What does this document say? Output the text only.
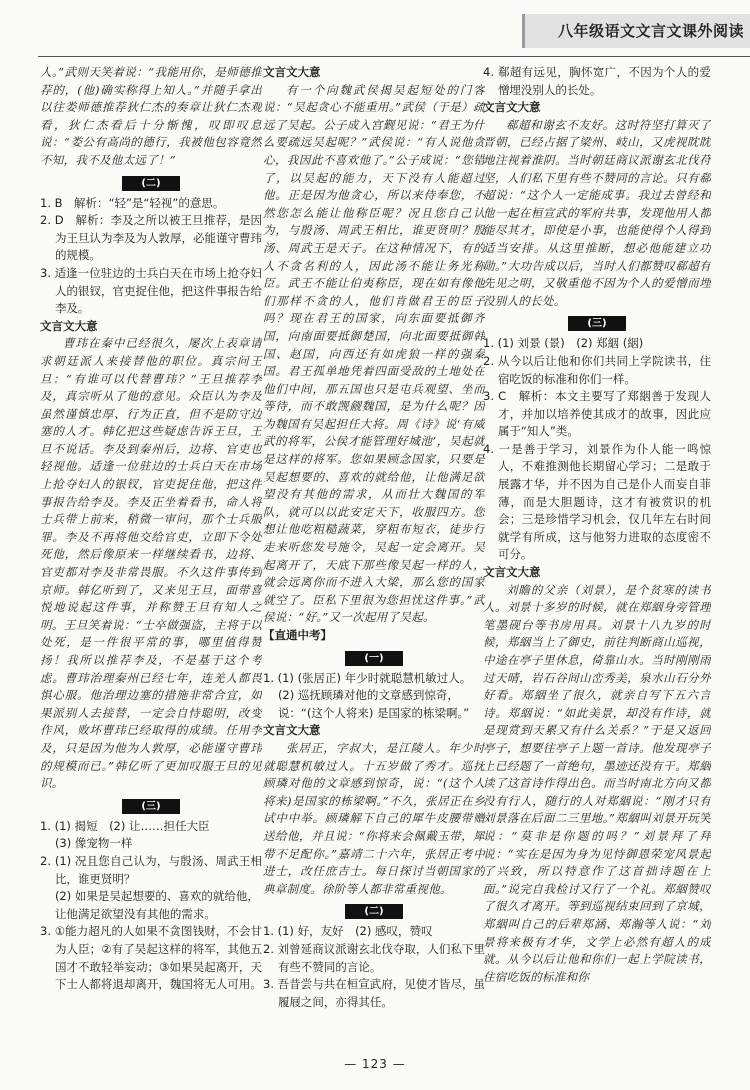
八年级语文文言文课外阅读

人。”武则天笑着说：“我能用你，是师德推荐的，(他)确实称得上知人。”并随手拿出以往娄师德推荐狄仁杰的奏章让狄仁杰观看，狄仁杰看后十分惭愧，叹即叹息说：“娄公有高尚的德行，我被他包容竟然不知，我不及他太远了！”

(二)

1. B　解析：“轻”是“轻视”的意思。

2. D　解析：李及之所以被王旦推荐，是因为王旦认为李及为人敦厚，必能谨守曹玮的规模。

3. 适逢一位驻边的士兵白天在市场上抢夺妇人的银钗，官吏捉住他，把这件事报告给李及。

文言文大意

曹玮在秦中已经很久，屡次上表章请求朝廷派人来接替他的职位。真宗问王旦：“有谁可以代替曹玮？”王旦推荐李及，真宗听从了他的意见。众臣认为李及虽然谨慎忠厚、行为正直，但不是防守边塞的人才。韩亿把这些疑虑告诉王旦，王旦不说话。李及到秦州后，边将、官吏也轻视他。适逢一位驻边的士兵白天在市场上抢夺妇人的银钗，官吏捉住他，把这件事报告给李及。李及正坐着看书，命人将士兵带上前来，稍微一审问，那个士兵服罪。李及不再将他交给官吏，立即下令处死他，然后像原来一样继续看书，边将、官吏都对李及非常畏服。不久这件事传到京师。韩亿听到了，又来见王旦，面带喜悦地说起这件事，并称赞王旦有知人之明。王旦笑着说：“士卒做强盗，主将于以处死，是一件很平常的事，哪里值得赞扬！我所以推荐李及，不是基于这个考虑。曹玮治理秦州已经七年，连羌人都畏惧心服。他治理边塞的措施非常合宜，如果派别人去接替，一定会自恃聪明，改变作风，败坏曹玮已经取得的成绩。任用李及，只是因为他为人敦厚，必能谨守曹玮的规模而已。”韩亿听了更加叹服王旦的见识。

(三)

1. (1) 揭短　(2) 让……担任大臣

(3) 像宠物一样

2. (1) 况且您自己认为，与殷汤、周武王相比，谁更贤明？

(2) 如果是吴起想要的、喜欢的就给他，让他满足欲望没有其他的需求。

3. ①能力超凡的人如果不贪图钱财，不会甘为人臣；②有了吴起这样的将军，其他五国才不敢轻举妄动；③如果吴起离开，天下士人都将退却离开，魏国将无人可用。

文言文大意

有一个向魏武侯揭吴起短处的门客说：“吴起贪心不能重用。”武侯（于是）疏远了吴起。公子成入宫觐见说：“君王为什么要疏远吴起呢？”武侯说：“有人说他贪心，我因此不喜欢他了。”公子成说：“您错了，以吴起的能力，天下没有人能超过他。正是因为他贪心，所以来侍奉您，不然您怎么能让他称臣呢？况且您自己认为，与殷汤、周武王相比，谁更贤明？殷汤、周武王是天子。在这种情况下，有的人不贪名利的人，因此汤不能让务光称臣。武王不能让伯夷称臣，现在如有像他们那样不贪的人，他们肯做君王的臣子吗？现在君王的国家，向东面要抵御齐国，向南面要抵御楚国，向北面要抵御韩国、赵国，向西还有如虎狼一样的强秦国。君王孤单地凭着四面受敌的土地处在他们中间，那五国也只是屯兵观望、坐而等待，而不敢觊觎魏国，是为什么呢？因为魏国有吴起担任大将。周《诗》说‘有威武的将军，公侯才能管理好城池’，吴起就是这样的将军。您如果顾念国家，只要是吴起想要的、喜欢的就给他，让他满足欲望没有其他的需求，从而壮大魏国的军队，就可以以此安定天下，收服四方。您想让他吃粗糙蔬菜，穿粗布短衣，徒步行走来听您发号施令，吴起一定会离开。吴起离开了，天底下那些像吴起一样的人，就会远离你而不进入大梁，那么您的国家就空了。臣私下里很为您担忧这件事。”武侯说：“好。”又一次起用了吴起。

【直通中考】

(一)

1. (1) (张居正) 年少时就聪慧机敏过人。

(2) 巡抚顾璘对他的文章感到惊奇，说：“(这个人将来) 是国家的栋梁啊。”

文言文大意

张居正，字叔大，是江陵人。年少时就聪慧机敏过人。十五岁做了秀才。巡抚顾璘对他的文章感到惊奇，说：“(这个人将来)是国家的栋梁啊。”不久，张居正在乡试中中举。顾璘解下自己的犀牛皮腰带赠送给他，并且说：“你将来会佩戴玉带，犀带不足配你。”嘉靖二十六年，张居正考中进士，改任庶吉士。每日探讨当朝国家的典章制度。徐阶等人都非常重视他。

(二)

1. (1) 好，友好　(2) 感叹，赞叹

2. 刘曾延商议派谢玄北伐夺取，人们私下里有些不赞同的言论。

3. 吾昔尝与共在桓宣武府，见使才皆尽，虽履屐之间，亦得其任。

4. 郗超有远见，胸怀宽广，不因为个人的爱憎埋没别人的长处。

文言文大意

郗超和谢玄不友好。这时符坚打算灭了晋朝，已经占据了梁州、岐山，又虎视眈眈地注视着淮阴。当时朝廷商议派谢玄北伐苻坚，人们私下里有些不赞同的言论。只有郗超说：“这个人一定能成事。我过去曾经和他一起在桓宣武的军府共事，发现他用人都能尽其才，即使是小事，也能使得个人得到适当安排。从这里推断，想必他能建立功勋。”大功告成以后，当时人们都赞叹郗超有先见之明，又敬重他不因为个人的爱憎而埋没别人的长处。

(三)

1. (1) 刘景 (景)　(2) 郑絪 (絪)

2. 从今以后让他和你们共同上学院读书，住宿吃饭的标准和你们一样。

3. C　解析：本文主要写了郑絪善于发现人才，并加以培养使其成才的故事，因此应属于“知人”类。

4. 一是善于学习，刘景作为仆人能一鸣惊人，不难推测他长期留心学习；二是敢于展露才华，并不因为自己是仆人而妄自菲薄，而是大胆题诗，这才有被赏识的机会；三是珍惜学习机会，仅几年左右时间就学有所成，这与他努力进取的态度密不可分。

文言文大意

刘瞻的父亲（刘景），是个贫寒的读书人。刘景十多岁的时候，就在郑絪身旁管理笔墨砚台等书房用具。刘景十八九岁的时候，郑絪当上了御史，前往判断商山巡视，中途在亭子里休息，倚靠山水。当时刚刚雨过天晴，岩石谷间山峦秀美，泉水山石分外好看。郑絪坐了很久，就亲自写下五六言诗。郑絪说：“如此美景，却没有作诗，就是现赏到天累又有什么关系？”于是又返回亭子，想要往亭子上题一首诗。他发现亭子上已经题了一首绝句，墨迹还没有干。郑絪读了这首诗作得出色。而当时南北方向又都没有行人，随行的人对郑絪说：“刚才只有刘景落在后面二三里地。”郑絪叫刘景开玩笑说：“莫非是你题的吗？”刘景拜了拜说：“实在是因为身为见恃御恩荣宠风景起了兴致，所以特意作了这首拙诗题在上面。”说完自我检讨又行了一个礼。郑絪赞叹了很久才离开。等到巡视结束回到了京城，郑絪叫自己的后辈郑涵、郑瀚等人说：“刘景将来极有才华，文学上必然有超人的成就。从今以后让他和你们一起上学院读书，住宿吃饭的标准和你

— 123 —
